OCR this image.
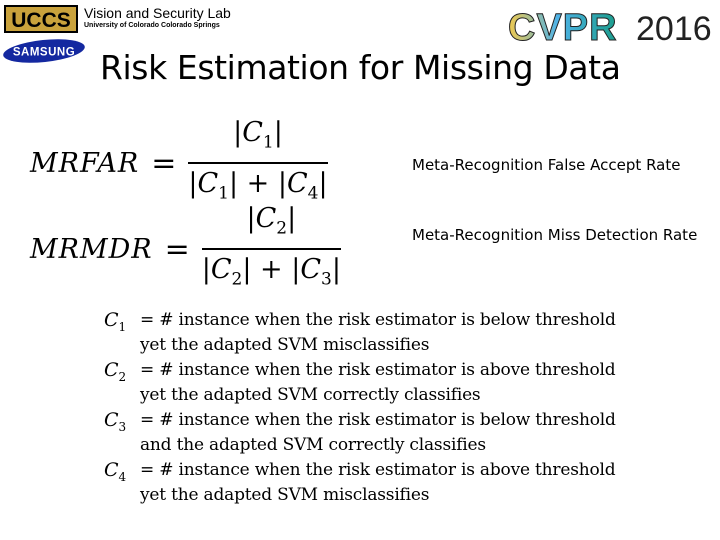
UCCS Vision and Security Lab
University of Colorado Colorado Springs
SAMSUNG
CVPR 2016
Risk Estimation for Missing Data
MRFAR = $\frac{|C_1|}{|C_1| + |C_4|}$	Meta-Recognition False Accept Rate
MRMDR = $\frac{|C_2|}{|C_2| + |C_3|}$	Meta-Recognition Miss Detection Rate
$C_1$ = # instance when the risk estimator is below threshold
yet the adapted SVM misclassifies
$C_2$ = # instance when the risk estimator is above threshold
yet the adapted SVM correctly classifies
$C_3$ = # instance when the risk estimator is below threshold
and the adapted SVM correctly classifies
$C_4$ = # instance when the risk estimator is above threshold
yet the adapted SVM misclassifies
